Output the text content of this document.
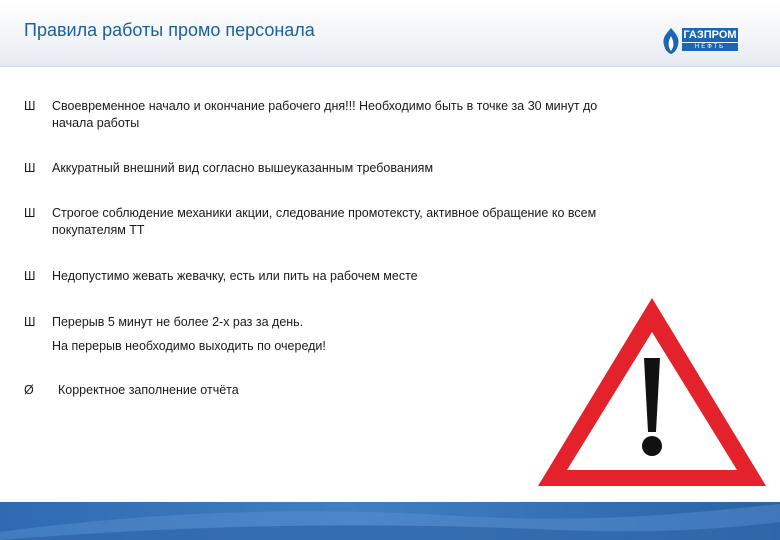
Правила работы промо персонала	ГАЗПРОМ
НЕФТЬ
Ш	Своевременное начало и окончание рабочего дня!!! Необходимо быть в точке за 30 минут до начала работы
Ш	Аккуратный внешний вид согласно вышеуказанным требованиям
Ш	Строгое соблюдение механики акции, следование промотексту, активное обращение ко всем покупателям ТТ
Ш	Недопустимо жевать жевачку, есть или пить на рабочем месте
Ш	Перерыв 5 минут не более 2-х раз за день.
На перерыв необходимо выходить по очереди!
Ø	Корректное заполнение отчёта
